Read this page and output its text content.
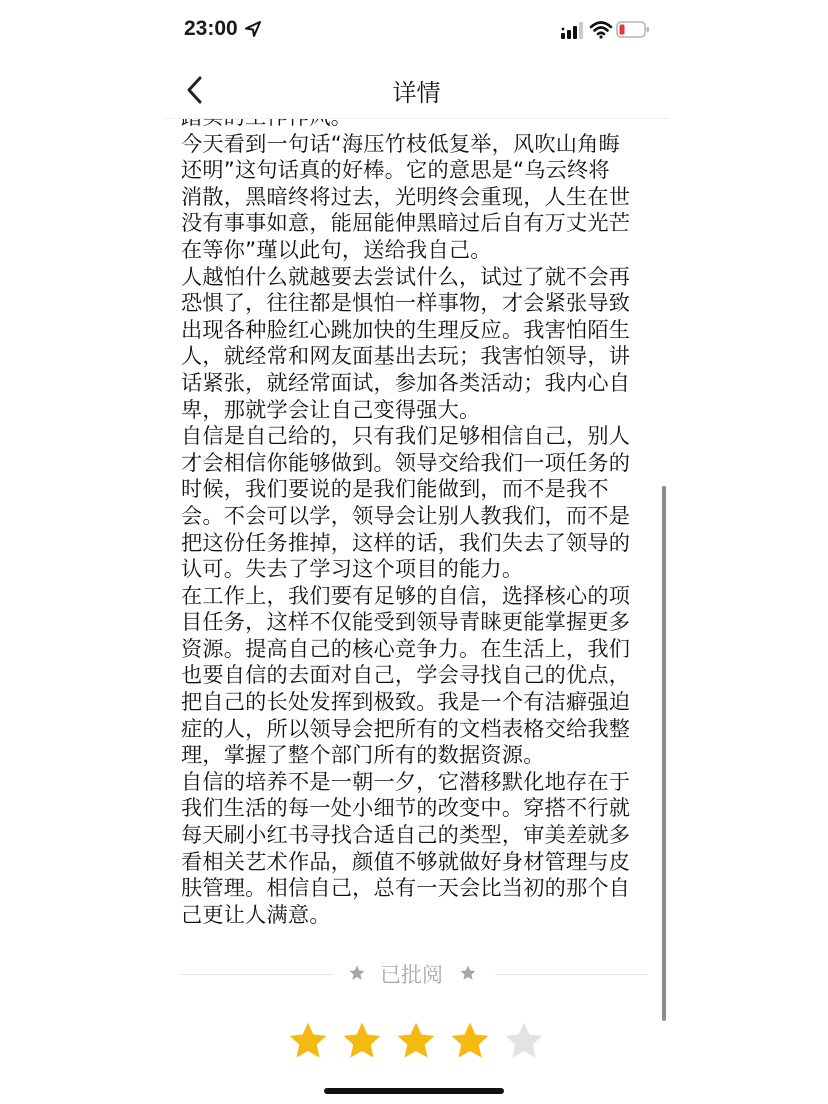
23:00
详情

今天看到一句话“海压竹枝低复举，风吹山角晦
还明”这句话真的好棒。它的意思是“乌云终将
消散，黑暗终将过去，光明终会重现，人生在世
没有事事如意，能屈能伸黑暗过后自有万丈光芒
在等你”瑾以此句，送给我自己。

人越怕什么就越要去尝试什么，试过了就不会再
恐惧了，往往都是惧怕一样事物，才会紧张导致
出现各种脸红心跳加快的生理反应。我害怕陌生
人，就经常和网友面基出去玩；我害怕领导，讲
话紧张，就经常面试，参加各类活动；我内心自
卑，那就学会让自己变得强大。

自信是自己给的，只有我们足够相信自己，别人
才会相信你能够做到。领导交给我们一项任务的
时候，我们要说的是我们能做到，而不是我不
会。不会可以学，领导会让别人教我们，而不是
把这份任务推掉，这样的话，我们失去了领导的
认可。失去了学习这个项目的能力。

在工作上，我们要有足够的自信，选择核心的项
目任务，这样不仅能受到领导青睐更能掌握更多
资源。提高自己的核心竞争力。在生活上，我们
也要自信的去面对自己，学会寻找自己的优点，
把自己的长处发挥到极致。我是一个有洁癖强迫
症的人，所以领导会把所有的文档表格交给我整
理，掌握了整个部门所有的数据资源。

自信的培养不是一朝一夕，它潜移默化地存在于
我们生活的每一处小细节的改变中。穿搭不行就
每天刷小红书寻找合适自己的类型，审美差就多
看相关艺术作品，颜值不够就做好身材管理与皮
肤管理。相信自己，总有一天会比当初的那个自
己更让人满意。

已批阅
